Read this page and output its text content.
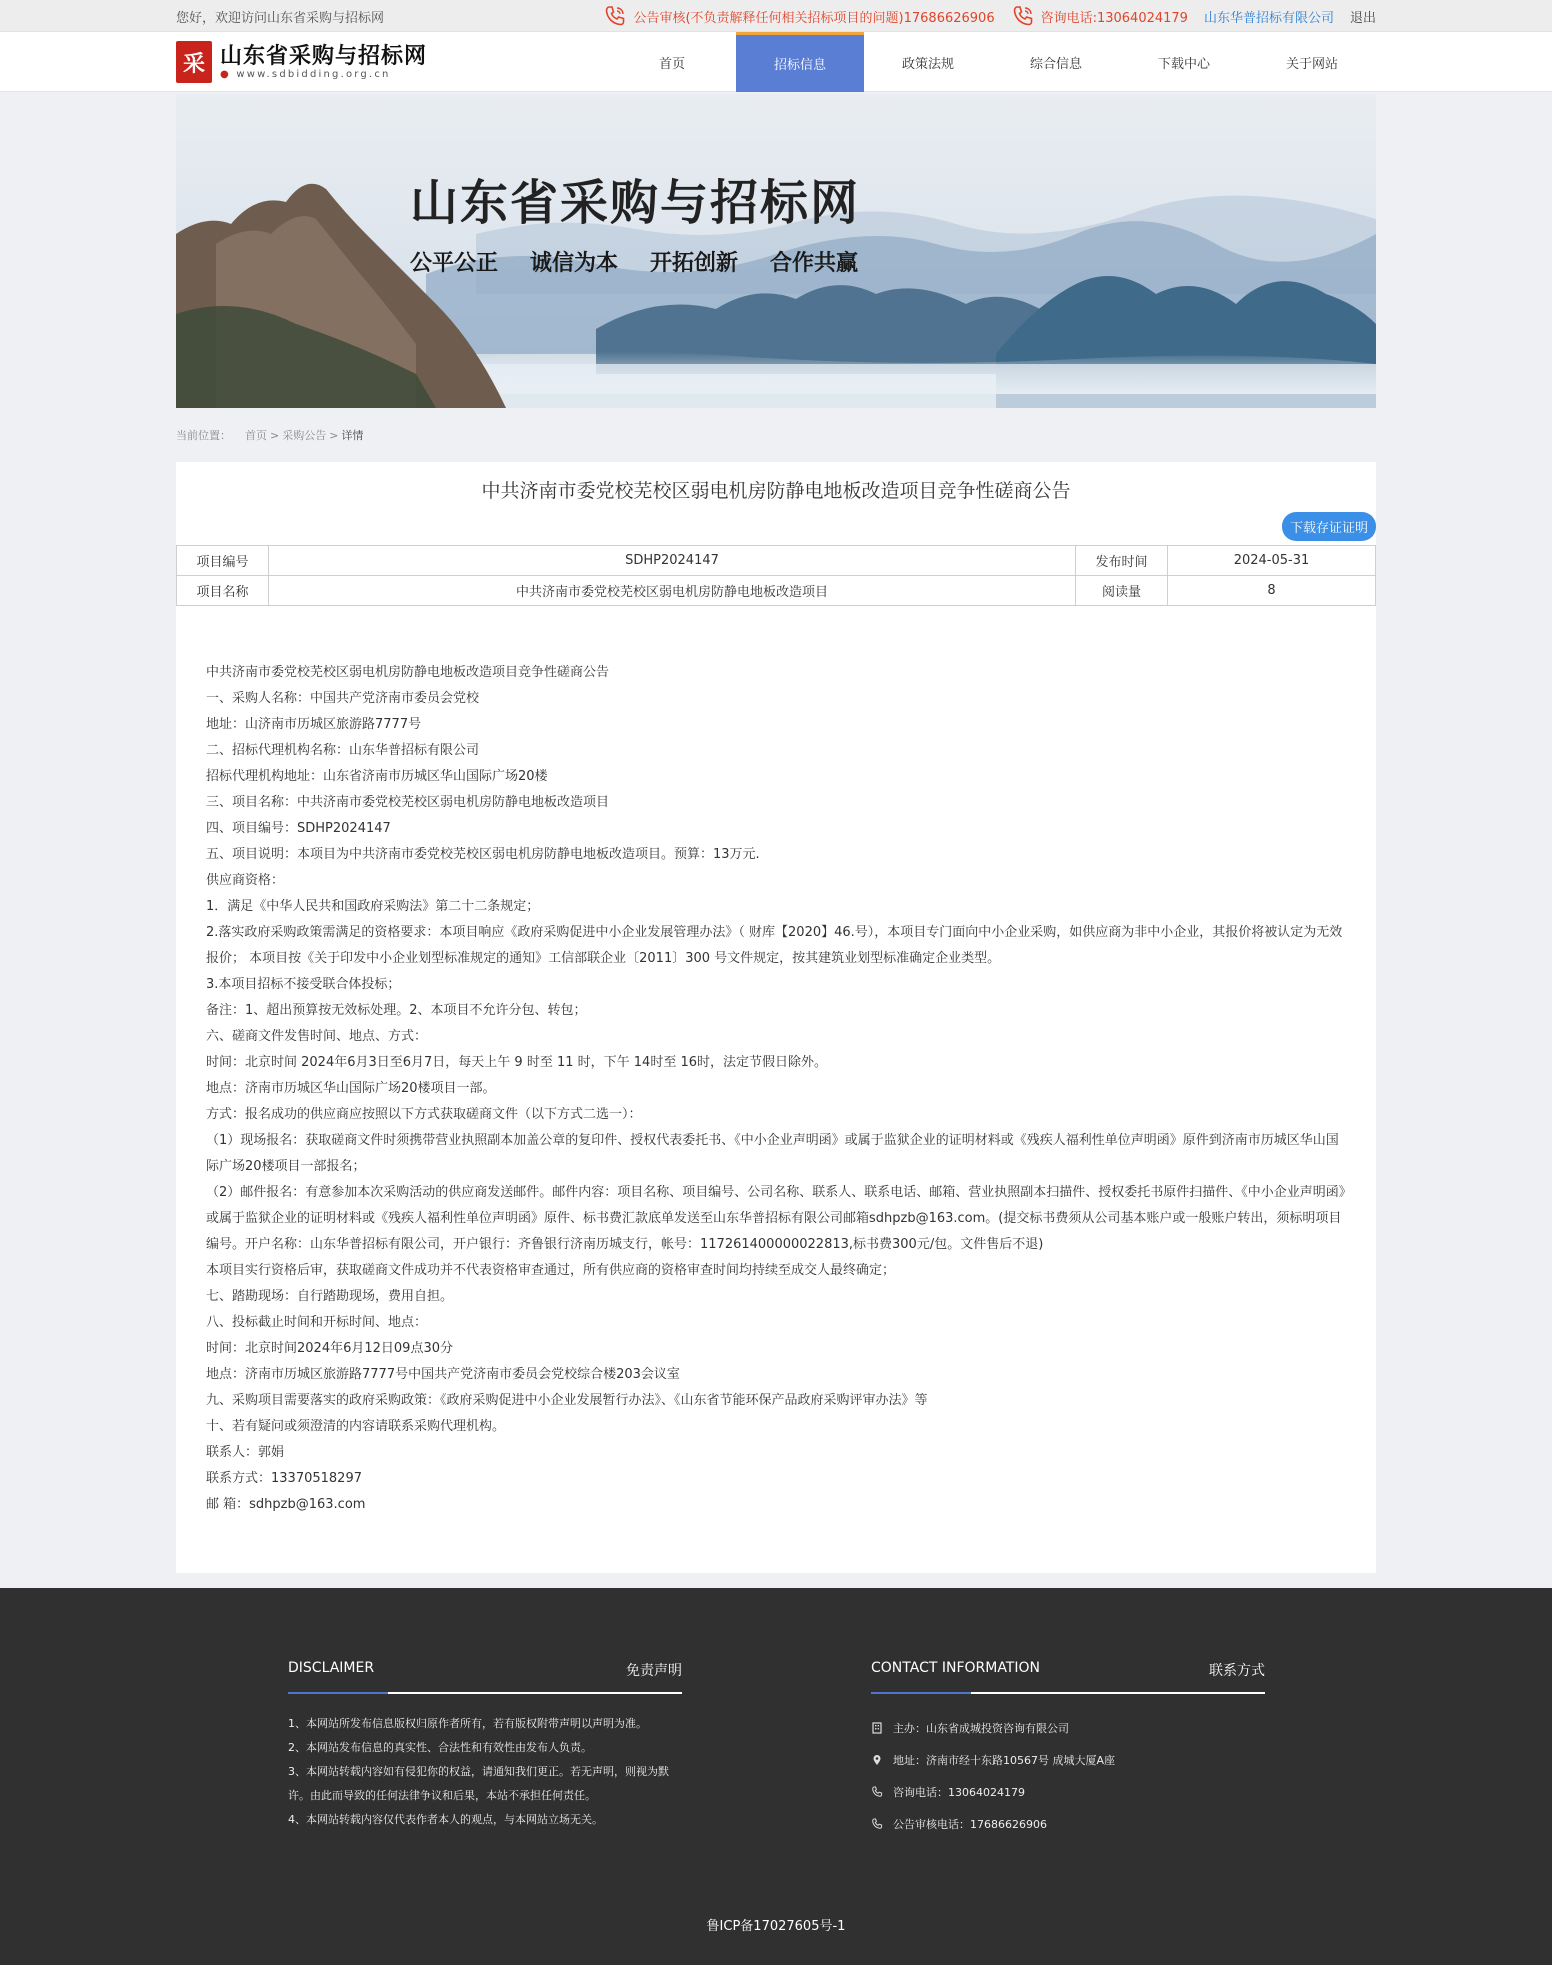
您好，欢迎访问山东省采购与招标网	公告审核(不负责解释任何相关招标项目的问题)17686626906	咨询电话:13064024179 山东华普招标有限公司 退出
采 山东省采购与招标网
● www.sdbidding.org.cn
首页	招标信息	政策法规	综合信息	下载中心	关于网站
山东省采购与招标网
公平公正 诚信为本 开拓创新 合作共赢
当前位置： 首页 > 采购公告 > 详情
中共济南市委党校芜校区弱电机房防静电地板改造项目竞争性磋商公告
下载存证证明
项目编号	SDHP2024147	发布时间	2024-05-31
项目名称	中共济南市委党校芜校区弱电机房防静电地板改造项目	阅读量	8

中共济南市委党校芜校区弱电机房防静电地板改造项目竞争性磋商公告

一、采购人名称：中国共产党济南市委员会党校

地址：山济南市历城区旅游路7777号

二、招标代理机构名称：山东华普招标有限公司

招标代理机构地址：山东省济南市历城区华山国际广场20楼

三、项目名称：中共济南市委党校芜校区弱电机房防静电地板改造项目

四、项目编号：SDHP2024147

五、项目说明：本项目为中共济南市委党校芜校区弱电机房防静电地板改造项目。预算：13万元.

供应商资格：

1．满足《中华人民共和国政府采购法》第二十二条规定；

2.落实政府采购政策需满足的资格要求：本项目响应《政府采购促进中小企业发展管理办法》（ 财库【2020】46.号），本项目专门面向中小企业采购，如供应商为非中小企业，其报价将被认定为无效报价； 本项目按《关于印发中小企业划型标准规定的通知》工信部联企业〔2011〕300 号文件规定，按其建筑业划型标准确定企业类型。

3.本项目招标不接受联合体投标；

备注：1、超出预算按无效标处理。2、本项目不允许分包、转包；

六、磋商文件发售时间、地点、方式：

时间：北京时间 2024年6月3日至6月7日，每天上午 9 时至 11 时，下午 14时至 16时，法定节假日除外。

地点：济南市历城区华山国际广场20楼项目一部。

方式：报名成功的供应商应按照以下方式获取磋商文件（以下方式二选一）：

（1）现场报名：获取磋商文件时须携带营业执照副本加盖公章的复印件、授权代表委托书、《中小企业声明函》或属于监狱企业的证明材料或《残疾人福利性单位声明函》原件到济南市历城区华山国际广场20楼项目一部报名；

（2）邮件报名：有意参加本次采购活动的供应商发送邮件。邮件内容：项目名称、项目编号、公司名称、联系人、联系电话、邮箱、营业执照副本扫描件、授权委托书原件扫描件、《中小企业声明函》或属于监狱企业的证明材料或《残疾人福利性单位声明函》原件、标书费汇款底单发送至山东华普招标有限公司邮箱sdhpzb@163.com。(提交标书费须从公司基本账户或一般账户转出，须标明项目编号。开户名称：山东华普招标有限公司，开户银行：齐鲁银行济南历城支行，帐号：117261400000022813,标书费300元/包。文件售后不退)

本项目实行资格后审，获取磋商文件成功并不代表资格审查通过，所有供应商的资格审查时间均持续至成交人最终确定；

七、踏勘现场：自行踏勘现场，费用自担。

八、投标截止时间和开标时间、地点：

时间：北京时间2024年6月12日09点30分

地点：济南市历城区旅游路7777号中国共产党济南市委员会党校综合楼203会议室

九、采购项目需要落实的政府采购政策：《政府采购促进中小企业发展暂行办法》、《山东省节能环保产品政府采购评审办法》等

十、若有疑问或须澄清的内容请联系采购代理机构。

联系人：郭娟

联系方式：13370518297

邮 箱：sdhpzb@163.com

DISCLAIMER	免责声明
1、本网站所发布信息版权归原作者所有，若有版权附带声明以声明为准。
2、本网站发布信息的真实性、合法性和有效性由发布人负责。
3、本网站转载内容如有侵犯你的权益，请通知我们更正。若无声明，则视为默许。由此而导致的任何法律争议和后果，本站不承担任何责任。
4、本网站转载内容仅代表作者本人的观点，与本网站立场无关。
CONTACT INFORMATION	联系方式
主办：山东省成城投资咨询有限公司
地址：济南市经十东路10567号 成城大厦A座
咨询电话：13064024179
公告审核电话：17686626906
鲁ICP备17027605号-1
